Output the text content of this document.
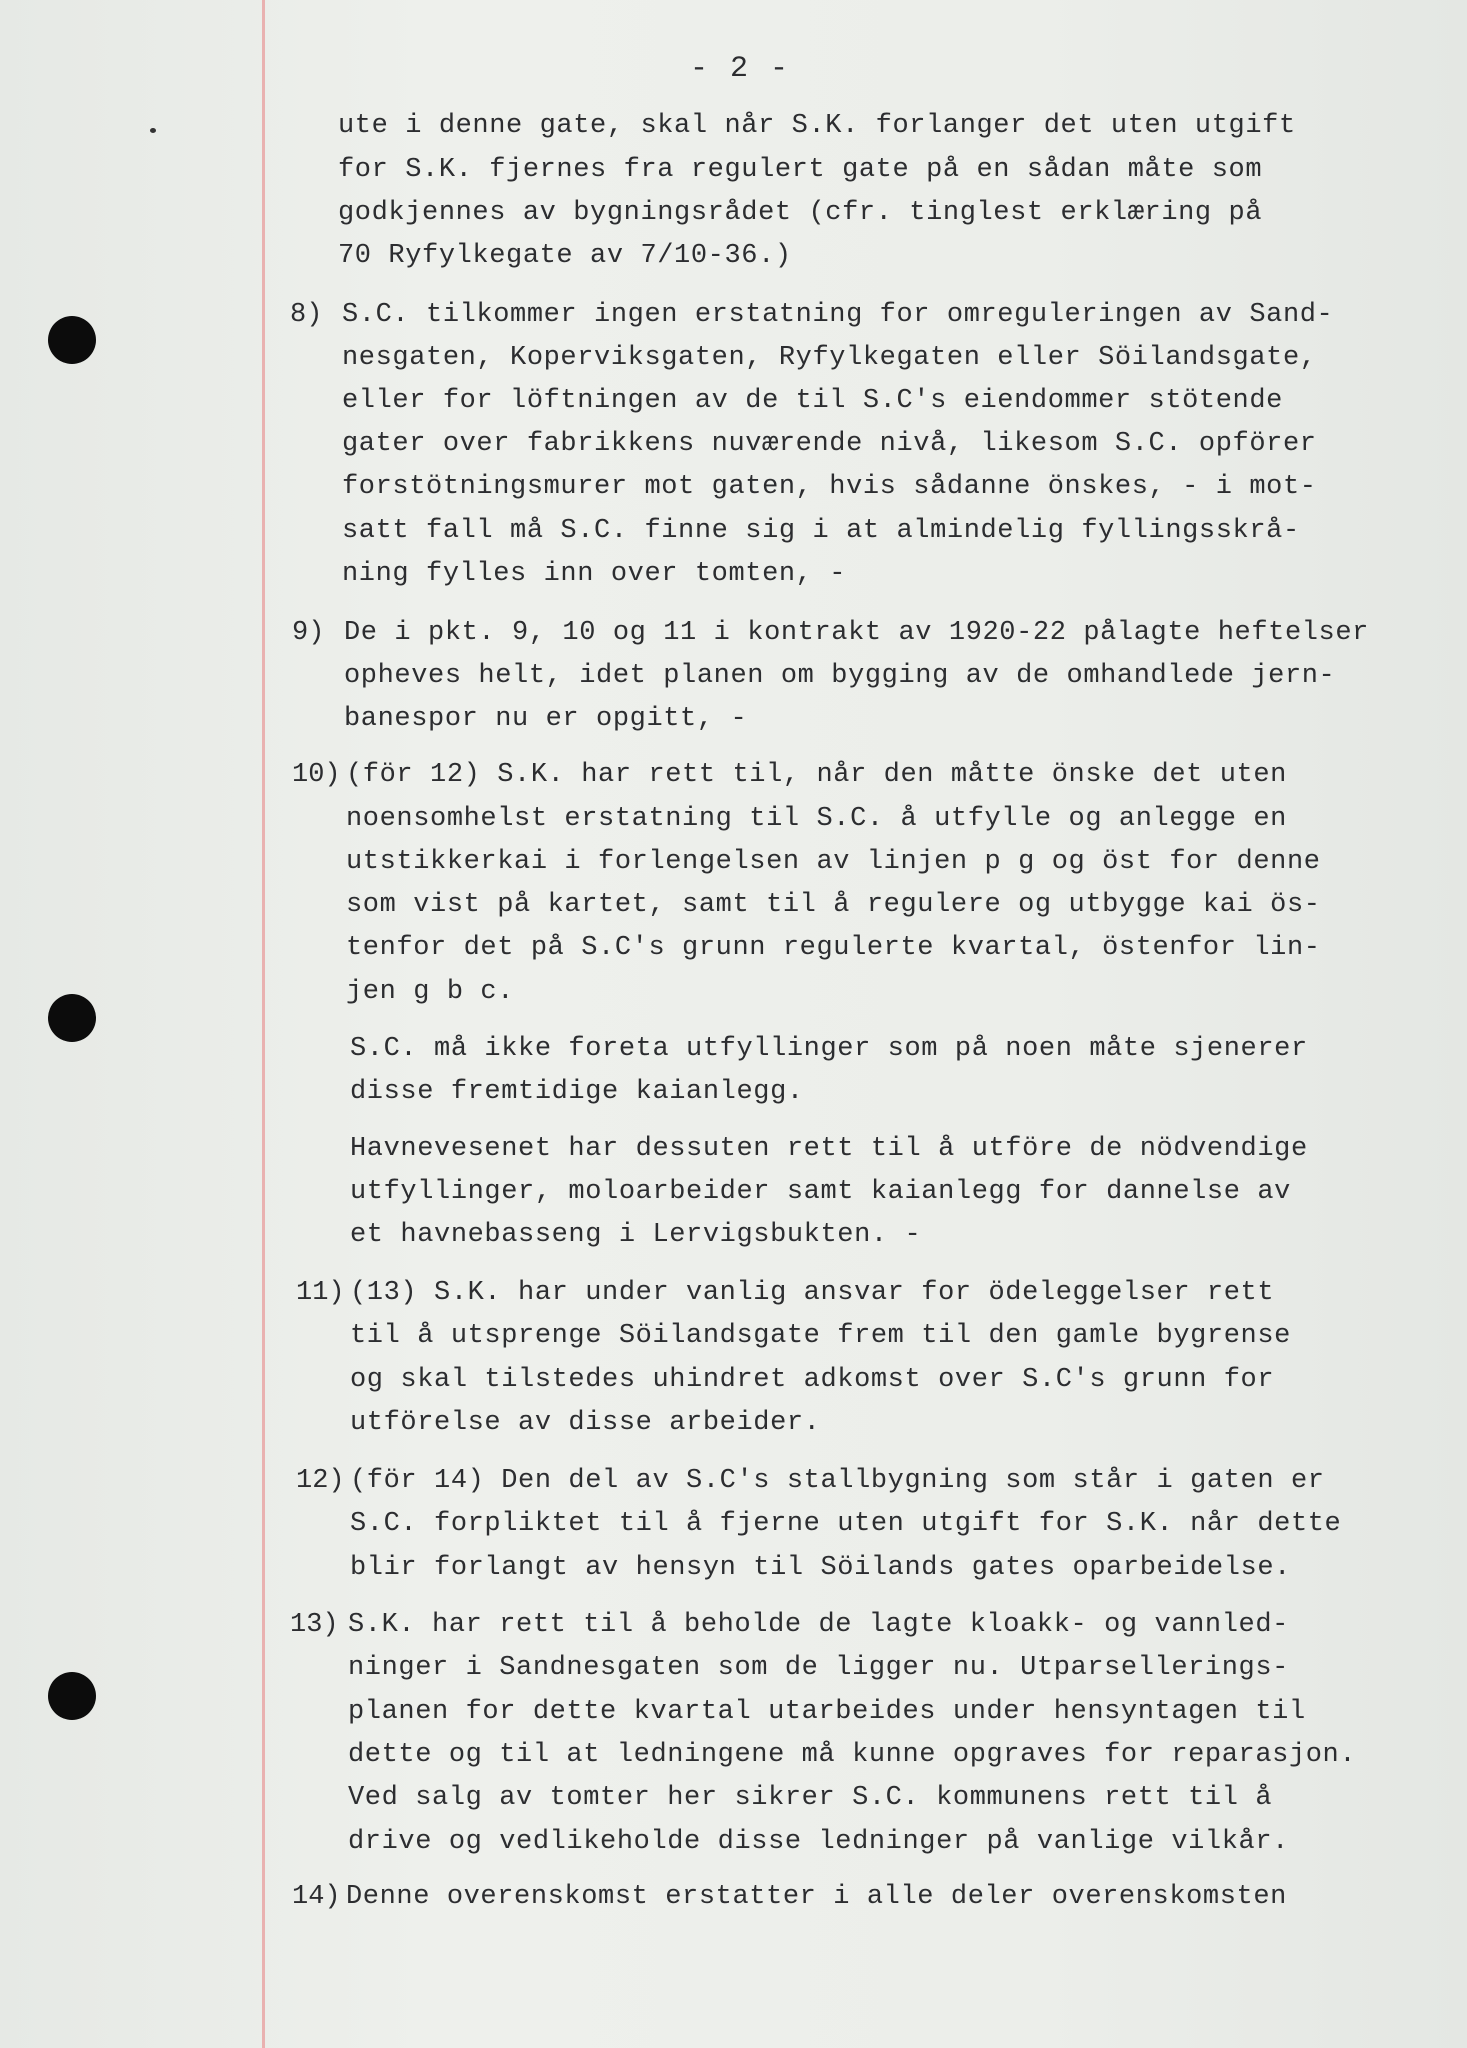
- 2 -
ute i denne gate, skal når S.K. forlanger det uten utgift
for S.K. fjernes fra regulert gate på en sådan måte som
godkjennes av bygningsrådet (cfr. tinglest erklæring på
70 Ryfylkegate av 7/10-36.)
8) S.C. tilkommer ingen erstatning for omreguleringen av Sand-
nesgaten, Koperviksgaten, Ryfylkegaten eller Söilandsgate,
eller for löftningen av de til S.C's eiendommer stötende
gater over fabrikkens nuværende nivå, likesom S.C. opförer
forstötningsmurer mot gaten, hvis sådanne önskes, - i mot-
satt fall må S.C. finne sig i at almindelig fyllingsskrå-
ning fylles inn over tomten, -
9) De i pkt. 9, 10 og 11 i kontrakt av 1920-22 pålagte heftelser
opheves helt, idet planen om bygging av de omhandlede jern-
banespor nu er opgitt, -
10) (för 12) S.K. har rett til, når den måtte önske det uten
noensomhelst erstatning til S.C. å utfylle og anlegge en
utstikkerkai i forlengelsen av linjen p g og öst for denne
som vist på kartet, samt til å regulere og utbygge kai ös-
tenfor det på S.C's grunn regulerte kvartal, östenfor lin-
jen g b c.
S.C. må ikke foreta utfyllinger som på noen måte sjenerer
disse fremtidige kaianlegg.
Havnevesenet har dessuten rett til å utföre de nödvendige
utfyllinger, moloarbeider samt kaianlegg for dannelse av
et havnebasseng i Lervigsbukten. -
11) (13) S.K. har under vanlig ansvar for ödeleggelser rett
til å utsprenge Söilandsgate frem til den gamle bygrense
og skal tilstedes uhindret adkomst over S.C's grunn for
utförelse av disse arbeider.
12) (för 14) Den del av S.C's stallbygning som står i gaten er
S.C. forpliktet til å fjerne uten utgift for S.K. når dette
blir forlangt av hensyn til Söilands gates oparbeidelse.
13) S.K. har rett til å beholde de lagte kloakk- og vannled-
ninger i Sandnesgaten som de ligger nu. Utparsellerings-
planen for dette kvartal utarbeides under hensyntagen til
dette og til at ledningene må kunne opgraves for reparasjon.
Ved salg av tomter her sikrer S.C. kommunens rett til å
drive og vedlikeholde disse ledninger på vanlige vilkår.
14) Denne overenskomst erstatter i alle deler overenskomsten
